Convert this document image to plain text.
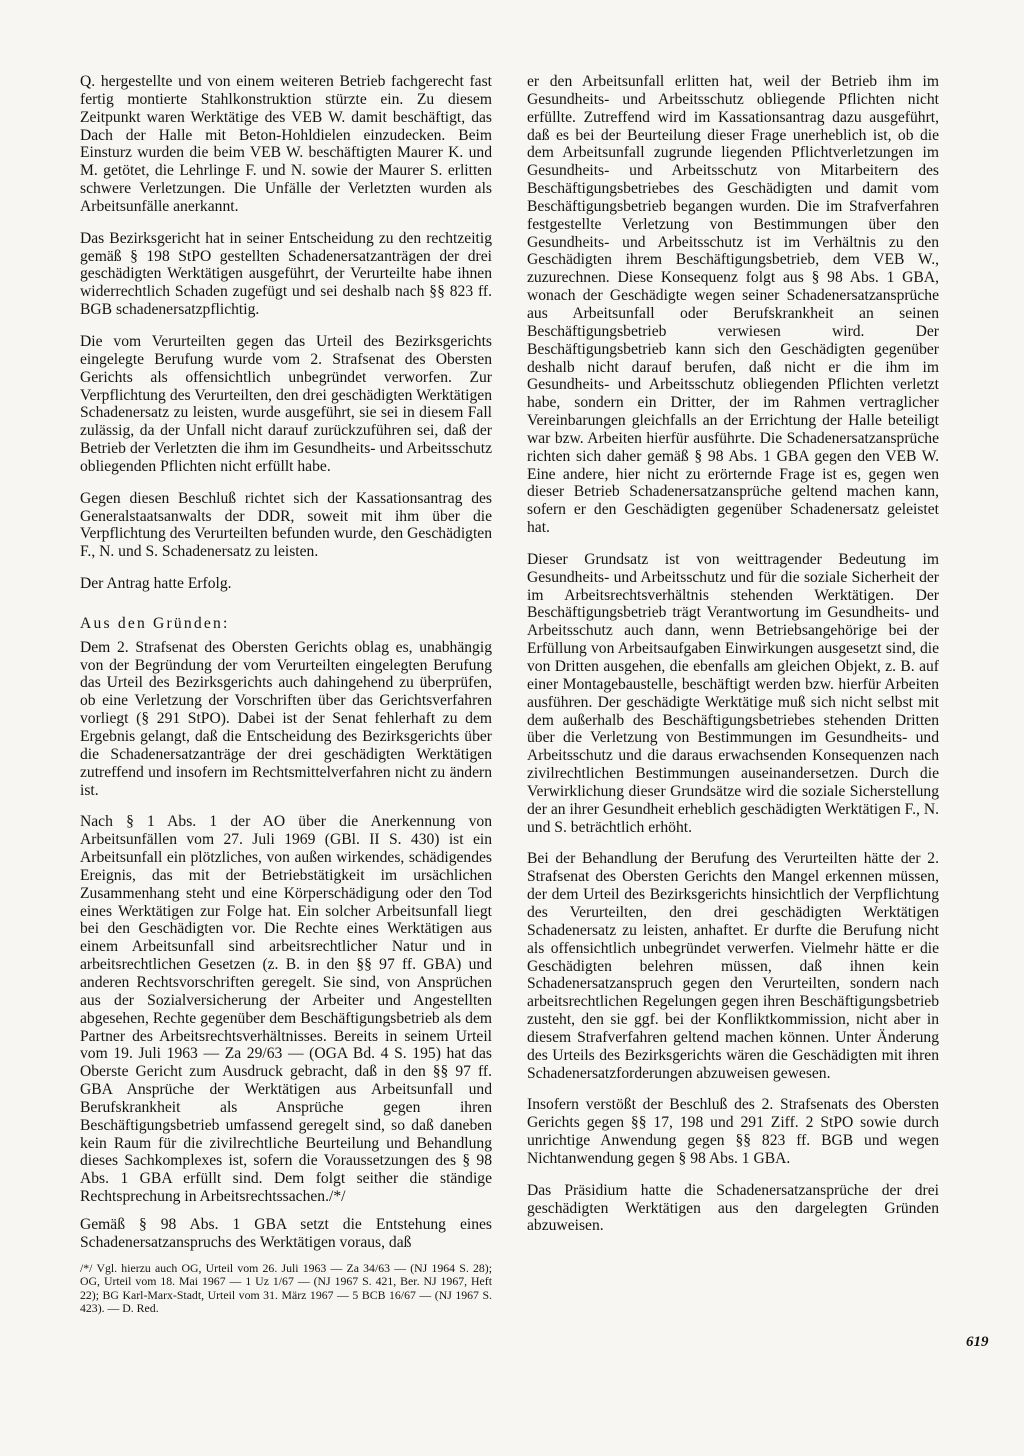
Q. hergestellte und von einem weiteren Betrieb fachgerecht fast fertig montierte Stahlkonstruktion stürzte ein. Zu diesem Zeitpunkt waren Werktätige des VEB W. damit beschäftigt, das Dach der Halle mit Beton-Hohldielen einzudecken. Beim Einsturz wurden die beim VEB W. beschäftigten Maurer K. und M. getötet, die Lehrlinge F. und N. sowie der Maurer S. erlitten schwere Verletzungen. Die Unfälle der Verletzten wurden als Arbeitsunfälle anerkannt.

Das Bezirksgericht hat in seiner Entscheidung zu den rechtzeitig gemäß § 198 StPO gestellten Schadenersatzanträgen der drei geschädigten Werktätigen ausgeführt, der Verurteilte habe ihnen widerrechtlich Schaden zugefügt und sei deshalb nach §§ 823 ff. BGB schadenersatzpflichtig.

Die vom Verurteilten gegen das Urteil des Bezirksgerichts eingelegte Berufung wurde vom 2. Strafsenat des Obersten Gerichts als offensichtlich unbegründet verworfen. Zur Verpflichtung des Verurteilten, den drei geschädigten Werktätigen Schadenersatz zu leisten, wurde ausgeführt, sie sei in diesem Fall zulässig, da der Unfall nicht darauf zurückzuführen sei, daß der Betrieb der Verletzten die ihm im Gesundheits- und Arbeitsschutz obliegenden Pflichten nicht erfüllt habe.

Gegen diesen Beschluß richtet sich der Kassationsantrag des Generalstaatsanwalts der DDR, soweit mit ihm über die Verpflichtung des Verurteilten befunden wurde, den Geschädigten F., N. und S. Schadenersatz zu leisten.

Der Antrag hatte Erfolg.

Aus den Gründen:

Dem 2. Strafsenat des Obersten Gerichts oblag es, unabhängig von der Begründung der vom Verurteilten eingelegten Berufung das Urteil des Bezirksgerichts auch dahingehend zu überprüfen, ob eine Verletzung der Vorschriften über das Gerichtsverfahren vorliegt (§ 291 StPO). Dabei ist der Senat fehlerhaft zu dem Ergebnis gelangt, daß die Entscheidung des Bezirksgerichts über die Schadenersatzanträge der drei geschädigten Werktätigen zutreffend und insofern im Rechtsmittelverfahren nicht zu ändern ist.

Nach § 1 Abs. 1 der AO über die Anerkennung von Arbeitsunfällen vom 27. Juli 1969 (GBl. II S. 430) ist ein Arbeitsunfall ein plötzliches, von außen wirkendes, schädigendes Ereignis, das mit der Betriebstätigkeit im ursächlichen Zusammenhang steht und eine Körperschädigung oder den Tod eines Werktätigen zur Folge hat. Ein solcher Arbeitsunfall liegt bei den Geschädigten vor. Die Rechte eines Werktätigen aus einem Arbeitsunfall sind arbeitsrechtlicher Natur und in arbeitsrechtlichen Gesetzen (z. B. in den §§ 97 ff. GBA) und anderen Rechtsvorschriften geregelt. Sie sind, von Ansprüchen aus der Sozialversicherung der Arbeiter und Angestellten abgesehen, Rechte gegenüber dem Beschäftigungsbetrieb als dem Partner des Arbeitsrechtsverhältnisses. Bereits in seinem Urteil vom 19. Juli 1963 — Za 29/63 — (OGA Bd. 4 S. 195) hat das Oberste Gericht zum Ausdruck gebracht, daß in den §§ 97 ff. GBA Ansprüche der Werktätigen aus Arbeitsunfall und Berufskrankheit als Ansprüche gegen ihren Beschäftigungsbetrieb umfassend geregelt sind, so daß daneben kein Raum für die zivilrechtliche Beurteilung und Behandlung dieses Sachkomplexes ist, sofern die Voraussetzungen des § 98 Abs. 1 GBA erfüllt sind. Dem folgt seither die ständige Rechtsprechung in Arbeitsrechtssachen./*/

Gemäß § 98 Abs. 1 GBA setzt die Entstehung eines Schadenersatzanspruchs des Werktätigen voraus, daß

/*/ Vgl. hierzu auch OG, Urteil vom 26. Juli 1963 — Za 34/63 — (NJ 1964 S. 28); OG, Urteil vom 18. Mai 1967 — 1 Uz 1/67 — (NJ 1967 S. 421, Ber. NJ 1967, Heft 22); BG Karl-Marx-Stadt, Urteil vom 31. März 1967 — 5 BCB 16/67 — (NJ 1967 S. 423). — D. Red.

er den Arbeitsunfall erlitten hat, weil der Betrieb ihm im Gesundheits- und Arbeitsschutz obliegende Pflichten nicht erfüllte. Zutreffend wird im Kassationsantrag dazu ausgeführt, daß es bei der Beurteilung dieser Frage unerheblich ist, ob die dem Arbeitsunfall zugrunde liegenden Pflichtverletzungen im Gesundheits- und Arbeitsschutz von Mitarbeitern des Beschäftigungsbetriebes des Geschädigten und damit vom Beschäftigungsbetrieb begangen wurden. Die im Strafverfahren festgestellte Verletzung von Bestimmungen über den Gesundheits- und Arbeitsschutz ist im Verhältnis zu den Geschädigten ihrem Beschäftigungsbetrieb, dem VEB W., zuzurechnen. Diese Konsequenz folgt aus § 98 Abs. 1 GBA, wonach der Geschädigte wegen seiner Schadenersatzansprüche aus Arbeitsunfall oder Berufskrankheit an seinen Beschäftigungsbetrieb verwiesen wird. Der Beschäftigungsbetrieb kann sich den Geschädigten gegenüber deshalb nicht darauf berufen, daß nicht er die ihm im Gesundheits- und Arbeitsschutz obliegenden Pflichten verletzt habe, sondern ein Dritter, der im Rahmen vertraglicher Vereinbarungen gleichfalls an der Errichtung der Halle beteiligt war bzw. Arbeiten hierfür ausführte. Die Schadenersatzansprüche richten sich daher gemäß § 98 Abs. 1 GBA gegen den VEB W. Eine andere, hier nicht zu erörternde Frage ist es, gegen wen dieser Betrieb Schadenersatzansprüche geltend machen kann, sofern er den Geschädigten gegenüber Schadenersatz geleistet hat.

Dieser Grundsatz ist von weittragender Bedeutung im Gesundheits- und Arbeitsschutz und für die soziale Sicherheit der im Arbeitsrechtsverhältnis stehenden Werktätigen. Der Beschäftigungsbetrieb trägt Verantwortung im Gesundheits- und Arbeitsschutz auch dann, wenn Betriebsangehörige bei der Erfüllung von Arbeitsaufgaben Einwirkungen ausgesetzt sind, die von Dritten ausgehen, die ebenfalls am gleichen Objekt, z. B. auf einer Montagebaustelle, beschäftigt werden bzw. hierfür Arbeiten ausführen. Der geschädigte Werktätige muß sich nicht selbst mit dem außerhalb des Beschäftigungsbetriebes stehenden Dritten über die Verletzung von Bestimmungen im Gesundheits- und Arbeitsschutz und die daraus erwachsenden Konsequenzen nach zivilrechtlichen Bestimmungen auseinandersetzen. Durch die Verwirklichung dieser Grundsätze wird die soziale Sicherstellung der an ihrer Gesundheit erheblich geschädigten Werktätigen F., N. und S. beträchtlich erhöht.

Bei der Behandlung der Berufung des Verurteilten hätte der 2. Strafsenat des Obersten Gerichts den Mangel erkennen müssen, der dem Urteil des Bezirksgerichts hinsichtlich der Verpflichtung des Verurteilten, den drei geschädigten Werktätigen Schadenersatz zu leisten, anhaftet. Er durfte die Berufung nicht als offensichtlich unbegründet verwerfen. Vielmehr hätte er die Geschädigten belehren müssen, daß ihnen kein Schadenersatzanspruch gegen den Verurteilten, sondern nach arbeitsrechtlichen Regelungen gegen ihren Beschäftigungsbetrieb zusteht, den sie ggf. bei der Konfliktkommission, nicht aber in diesem Strafverfahren geltend machen können. Unter Änderung des Urteils des Bezirksgerichts wären die Geschädigten mit ihren Schadenersatzforderungen abzuweisen gewesen.

Insofern verstößt der Beschluß des 2. Strafsenats des Obersten Gerichts gegen §§ 17, 198 und 291 Ziff. 2 StPO sowie durch unrichtige Anwendung gegen §§ 823 ff. BGB und wegen Nichtanwendung gegen § 98 Abs. 1 GBA.

Das Präsidium hatte die Schadenersatzansprüche der drei geschädigten Werktätigen aus den dargelegten Gründen abzuweisen.

619
